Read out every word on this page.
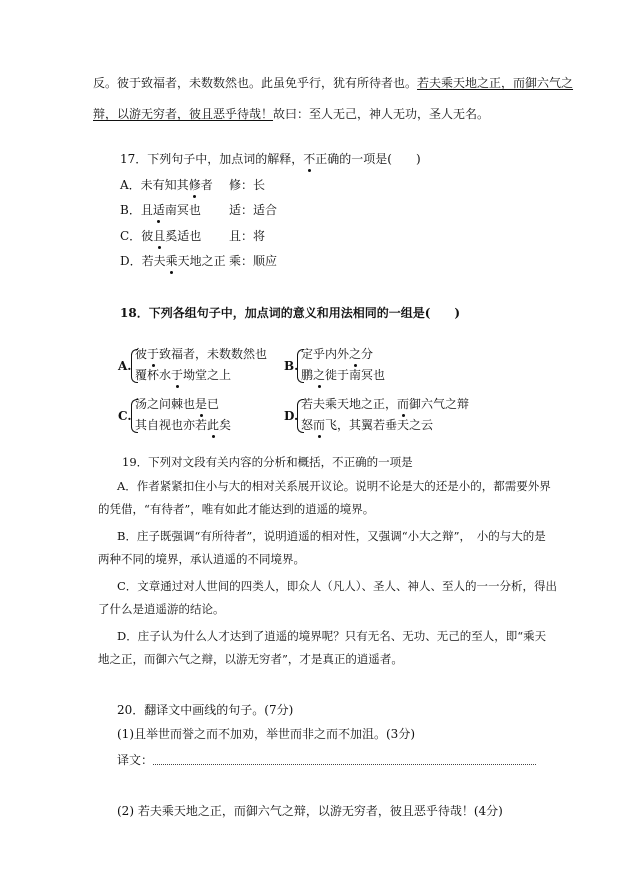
反。彼于致福者，未数数然也。此虽免乎行，犹有所待者也。若夫乘天地之正，而御六气之
辩，以游无穷者，彼且恶乎待哉！故曰：至人无己，神人无功，圣人无名。
17．下列句子中，加点词的解释，不正确的一项是(　　)
A．未有知其修者 修：长
B．且适南冥也 适：适合
C．彼且奚适也 且：将
D．若夫乘天地之正 乘：顺应
18．下列各组句子中，加点词的意义和用法相同的一组是(　　)
A.
彼于致福者，未数数然也
覆杯水于坳堂之上
B.
定乎内外之分
鹏之徙于南冥也
C.
汤之问棘也是已
其自视也亦若此矣
D.
若夫乘天地之正，而御六气之辩
怒而飞，其翼若垂天之云
19．下列对文段有关内容的分析和概括，不正确的一项是
A．作者紧紧扣住小与大的相对关系展开议论。说明不论是大的还是小的，都需要外界
的凭借，“有待者”，唯有如此才能达到的逍遥的境界。
B．庄子既强调“有所待者”，说明逍遥的相对性，又强调“小大之辩”，　小的与大的是
两种不同的境界，承认逍遥的不同境界。
C．文章通过对人世间的四类人，即众人（凡人）、圣人、神人、至人的一一分析，得出
了什么是逍遥游的结论。
D．庄子认为什么人才达到了逍遥的境界呢？只有无名、无功、无己的至人，即“乘天
地之正，而御六气之辩，以游无穷者”，才是真正的逍遥者。
20．翻译文中画线的句子。(7分)
(1)且举世而誉之而不加劝，举世而非之而不加沮。(3分)
译文：
(2) 若夫乘天地之正，而御六气之辩，以游无穷者，彼且恶乎待哉！(4分)
